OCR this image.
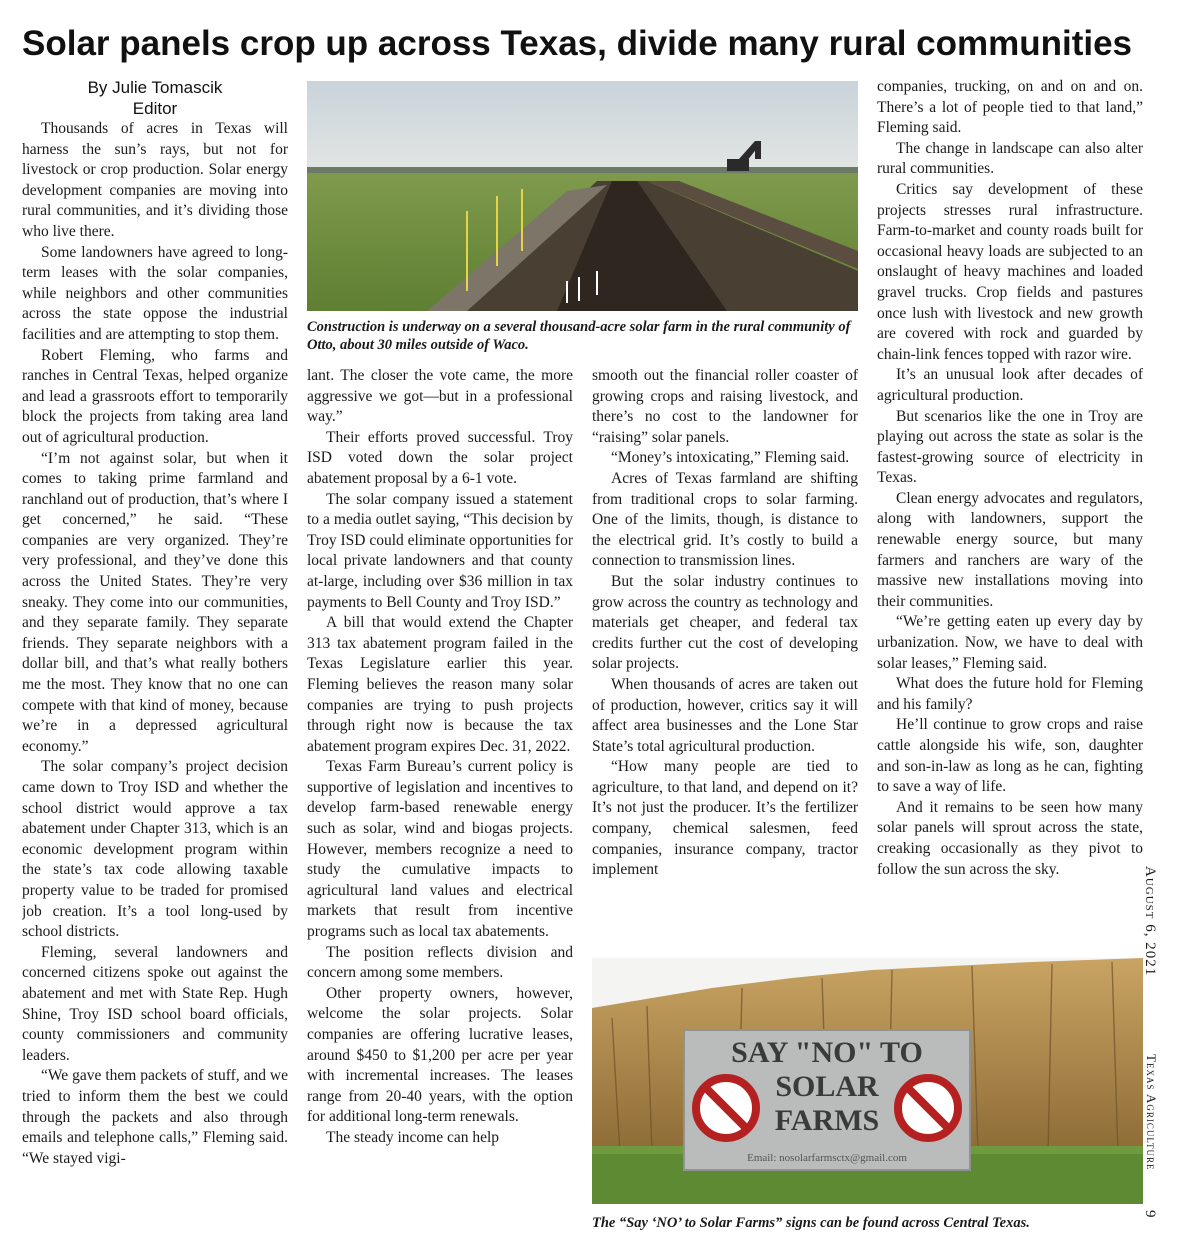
Solar panels crop up across Texas, divide many rural communities
By Julie Tomascik
Editor

Thousands of acres in Texas will harness the sun’s rays, but not for livestock or crop production. Solar energy development companies are moving into rural communities, and it’s dividing those who live there.

Some landowners have agreed to long-term leases with the solar companies, while neighbors and other communities across the state oppose the industrial facilities and are attempting to stop them.

Robert Fleming, who farms and ranches in Central Texas, helped organize and lead a grassroots effort to temporarily block the projects from taking area land out of agricultural production.

“I’m not against solar, but when it comes to taking prime farmland and ranchland out of production, that’s where I get concerned,” he said. “These companies are very organized. They’re very professional, and they’ve done this across the United States. They’re very sneaky. They come into our communities, and they separate family. They separate friends. They separate neighbors with a dollar bill, and that’s what really bothers me the most. They know that no one can compete with that kind of money, because we’re in a depressed agricultural economy.”

The solar company’s project decision came down to Troy ISD and whether the school district would approve a tax abatement under Chapter 313, which is an economic development program within the state’s tax code allowing taxable property value to be traded for promised job creation. It’s a tool long-used by school districts.

Fleming, several landowners and concerned citizens spoke out against the abatement and met with State Rep. Hugh Shine, Troy ISD school board officials, county commissioners and community leaders.

“We gave them packets of stuff, and we tried to inform them the best we could through the packets and also through emails and telephone calls,” Fleming said. “We stayed vigi-

Construction is underway on a several thousand-acre solar farm in the rural community of Otto, about 30 miles outside of Waco.

lant. The closer the vote came, the more aggressive we got—but in a professional way.”

Their efforts proved successful. Troy ISD voted down the solar project abatement proposal by a 6-1 vote.

The solar company issued a statement to a media outlet saying, “This decision by Troy ISD could eliminate opportunities for local private landowners and that county at-large, including over $36 million in tax payments to Bell County and Troy ISD.”

A bill that would extend the Chapter 313 tax abatement program failed in the Texas Legislature earlier this year. Fleming believes the reason many solar companies are trying to push projects through right now is because the tax abatement program expires Dec. 31, 2022.

Texas Farm Bureau’s current policy is supportive of legislation and incentives to develop farm-based renewable energy such as solar, wind and biogas projects. However, members recognize a need to study the cumulative impacts to agricultural land values and electrical markets that result from incentive programs such as local tax abatements.

The position reflects division and concern among some members.

Other property owners, however, welcome the solar projects. Solar companies are offering lucrative leases, around $450 to $1,200 per acre per year with incremental increases. The leases range from 20-40 years, with the option for additional long-term renewals.

The steady income can help

smooth out the financial roller coaster of growing crops and raising livestock, and there’s no cost to the landowner for “raising” solar panels.

“Money’s intoxicating,” Fleming said.

Acres of Texas farmland are shifting from traditional crops to solar farming. One of the limits, though, is distance to the electrical grid. It’s costly to build a connection to transmission lines.

But the solar industry continues to grow across the country as technology and materials get cheaper, and federal tax credits further cut the cost of developing solar projects.

When thousands of acres are taken out of production, however, critics say it will affect area businesses and the Lone Star State’s total agricultural production.

“How many people are tied to agriculture, to that land, and depend on it? It’s not just the producer. It’s the fertilizer company, chemical salesmen, feed companies, insurance company, tractor implement

companies, trucking, on and on and on. There’s a lot of people tied to that land,” Fleming said.

The change in landscape can also alter rural communities.

Critics say development of these projects stresses rural infrastructure. Farm-to-market and county roads built for occasional heavy loads are subjected to an onslaught of heavy machines and loaded gravel trucks. Crop fields and pastures once lush with livestock and new growth are covered with rock and guarded by chain-link fences topped with razor wire.

It’s an unusual look after decades of agricultural production.

But scenarios like the one in Troy are playing out across the state as solar is the fastest-growing source of electricity in Texas.

Clean energy advocates and regulators, along with landowners, support the renewable energy source, but many farmers and ranchers are wary of the massive new installations moving into their communities.

“We’re getting eaten up every day by urbanization. Now, we have to deal with solar leases,” Fleming said.

What does the future hold for Fleming and his family?

He’ll continue to grow crops and raise cattle alongside his wife, son, daughter and son-in-law as long as he can, fighting to save a way of life.

And it remains to be seen how many solar panels will sprout across the state, creaking occasionally as they pivot to follow the sun across the sky.

SAY "NO" TO
SOLAR
FARMS
Email: nosolarfarmsctx@gmail.com
The “Say ‘NO’ to Solar Farms” signs can be found across Central Texas.
August 6, 2021
Texas Agriculture
9
